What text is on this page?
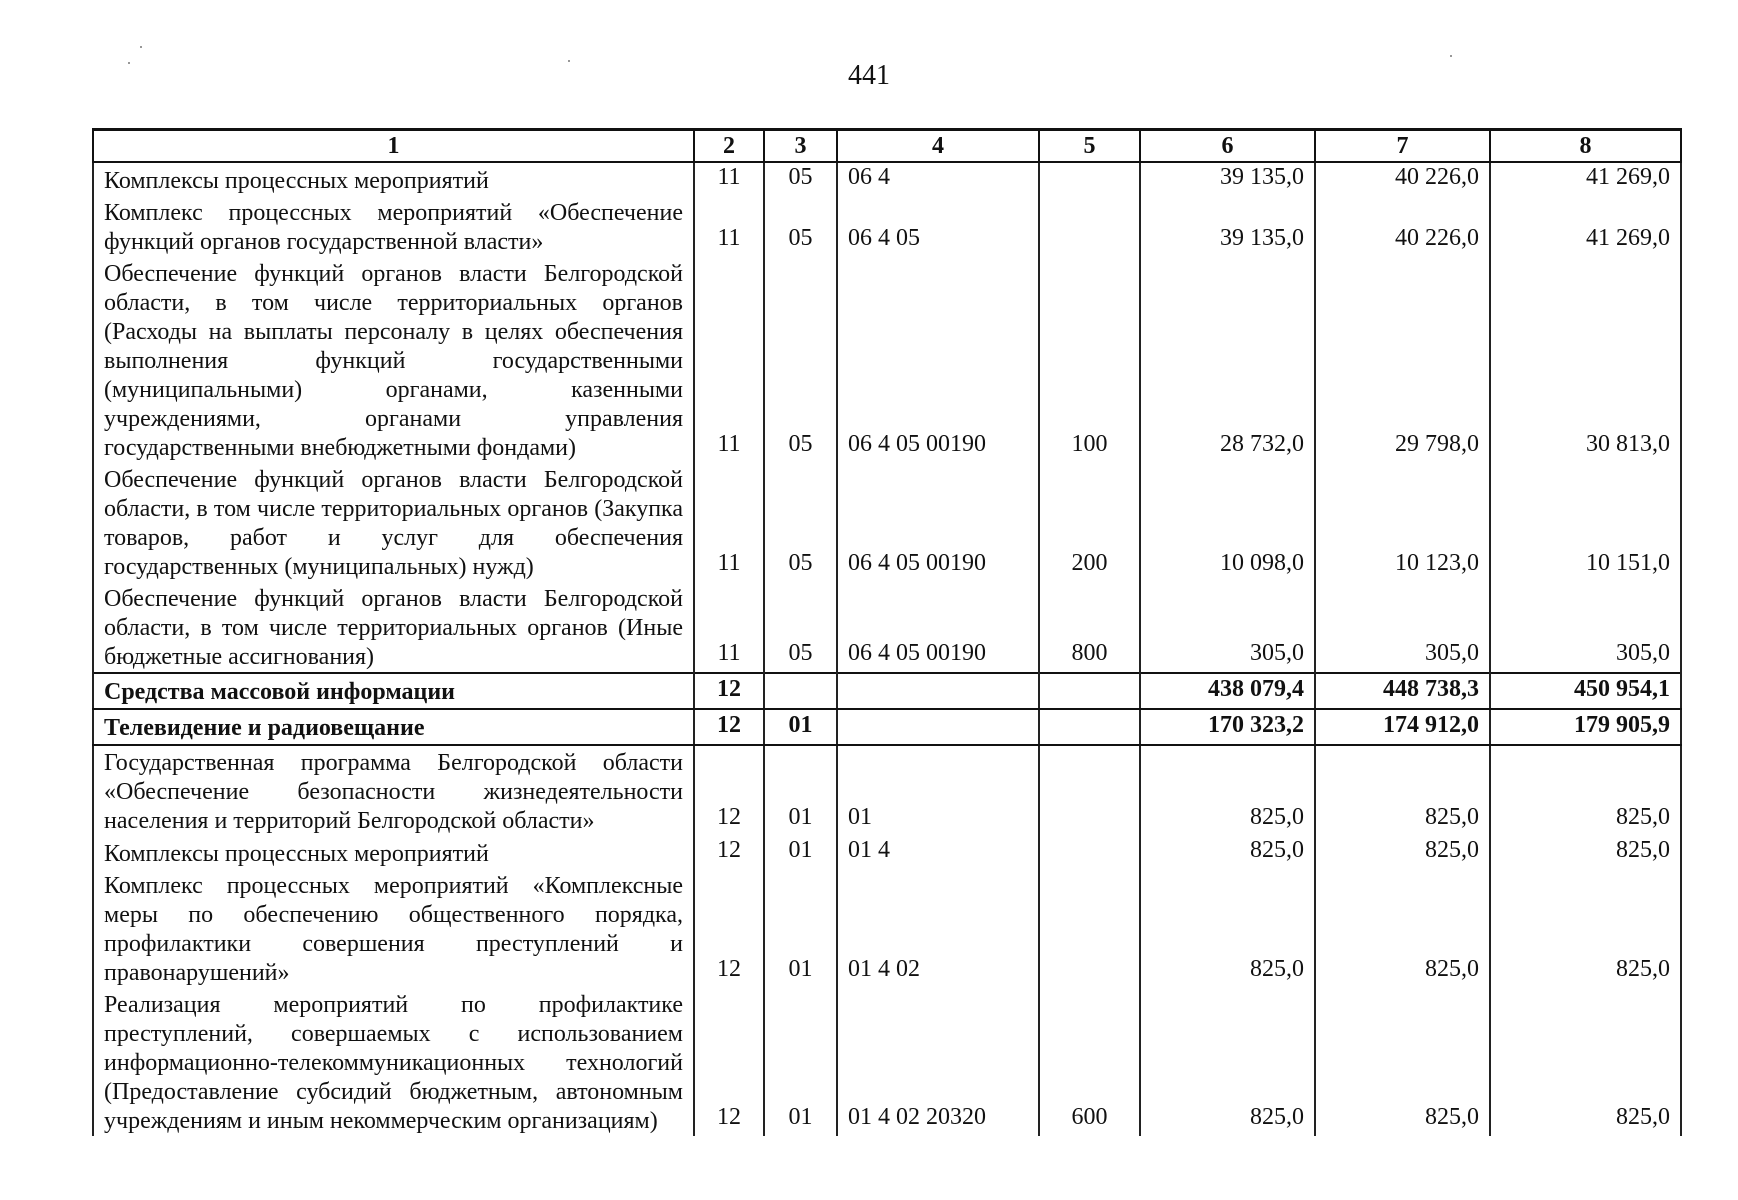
441
1	2	3	4	5	6	7	8
Комплексы процессных мероприятий	11	05	06 4		39 135,0	40 226,0	41 269,0
Комплекс процессных мероприятий «Обеспечение функций органов государственной власти»	11	05	06 4 05		39 135,0	40 226,0	41 269,0
Обеспечение функций органов власти Белгородской области, в том числе территориальных органов (Расходы на выплаты персоналу в целях обеспечения выполнения функций государственными (муниципальными) органами, казенными учреждениями, органами управления государственными внебюджетными фондами)	11	05	06 4 05 00190	100	28 732,0	29 798,0	30 813,0
Обеспечение функций органов власти Белгородской области, в том числе территориальных органов (Закупка товаров, работ и услуг для обеспечения государственных (муниципальных) нужд)	11	05	06 4 05 00190	200	10 098,0	10 123,0	10 151,0
Обеспечение функций органов власти Белгородской области, в том числе территориальных органов (Иные бюджетные ассигнования)	11	05	06 4 05 00190	800	305,0	305,0	305,0
Средства массовой информации	12				438 079,4	448 738,3	450 954,1
Телевидение и радиовещание	12	01			170 323,2	174 912,0	179 905,9
Государственная программа Белгородской области «Обеспечение безопасности жизнедеятельности населения и территорий Белгородской области»	12	01	01		825,0	825,0	825,0
Комплексы процессных мероприятий	12	01	01 4		825,0	825,0	825,0
Комплекс процессных мероприятий «Комплексные меры по обеспечению общественного порядка, профилактики совершения преступлений и правонарушений»	12	01	01 4 02		825,0	825,0	825,0
Реализация мероприятий по профилактике преступлений, совершаемых с использованием информационно-телекоммуникационных технологий (Предоставление субсидий бюджетным, автономным учреждениям и иным некоммерческим организациям)	12	01	01 4 02 20320	600	825,0	825,0	825,0
